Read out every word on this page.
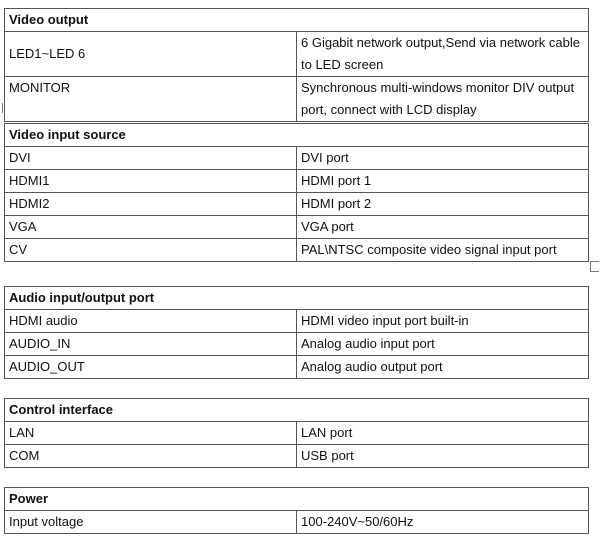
Video output	
LED1~LED 6	6 Gigabit network output,Send via network cable to LED screen
MONITOR	Synchronous multi-windows monitor DIV output port, connect with LCD display
Video input source	
DVI	DVI port
HDMI1	HDMI port 1
HDMI2	HDMI port 2
VGA	VGA port
CV	PAL\NTSC composite video signal input port
Audio input/output port	
HDMI audio	HDMI video input port built-in
AUDIO_IN	Analog audio input port
AUDIO_OUT	Analog audio output port
Control interface	
LAN	LAN port
COM	USB port
Power
Input voltage	100-240V~50/60Hz
